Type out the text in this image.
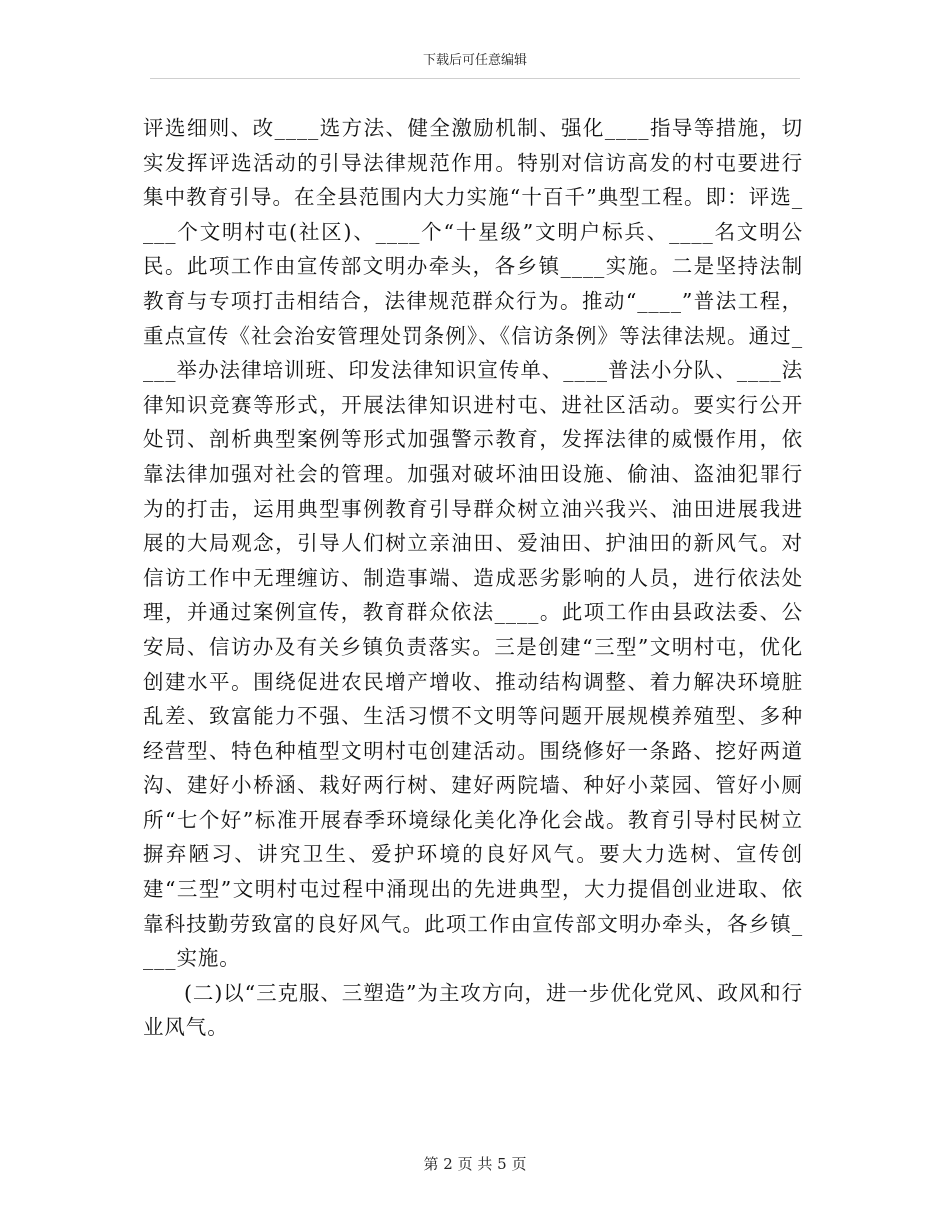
下载后可任意编辑

评选细则、改____选方法、健全激励机制、强化____指导等措施，切实发挥评选活动的引导法律规范作用。特别对信访高发的村屯要进行集中教育引导。在全县范围内大力实施“十百千”典型工程。即：评选____个文明村屯(社区)、____个“十星级”文明户标兵、____名文明公民。此项工作由宣传部文明办牵头，各乡镇____实施。二是坚持法制教育与专项打击相结合，法律规范群众行为。推动“____”普法工程，重点宣传《社会治安管理处罚条例》、《信访条例》等法律法规。通过____举办法律培训班、印发法律知识宣传单、____普法小分队、____法律知识竞赛等形式，开展法律知识进村屯、进社区活动。要实行公开处罚、剖析典型案例等形式加强警示教育，发挥法律的威慑作用，依靠法律加强对社会的管理。加强对破坏油田设施、偷油、盗油犯罪行为的打击，运用典型事例教育引导群众树立油兴我兴、油田进展我进展的大局观念，引导人们树立亲油田、爱油田、护油田的新风气。对信访工作中无理缠访、制造事端、造成恶劣影响的人员，进行依法处理，并通过案例宣传，教育群众依法____。此项工作由县政法委、公安局、信访办及有关乡镇负责落实。三是创建“三型”文明村屯，优化创建水平。围绕促进农民增产增收、推动结构调整、着力解决环境脏乱差、致富能力不强、生活习惯不文明等问题开展规模养殖型、多种经营型、特色种植型文明村屯创建活动。围绕修好一条路、挖好两道沟、建好小桥涵、栽好两行树、建好两院墙、种好小菜园、管好小厕所“七个好”标准开展春季环境绿化美化净化会战。教育引导村民树立摒弃陋习、讲究卫生、爱护环境的良好风气。要大力选树、宣传创建“三型”文明村屯过程中涌现出的先进典型，大力提倡创业进取、依靠科技勤劳致富的良好风气。此项工作由宣传部文明办牵头，各乡镇____实施。

(二)以“三克服、三塑造”为主攻方向，进一步优化党风、政风和行业风气。

第 2 页 共 5 页
